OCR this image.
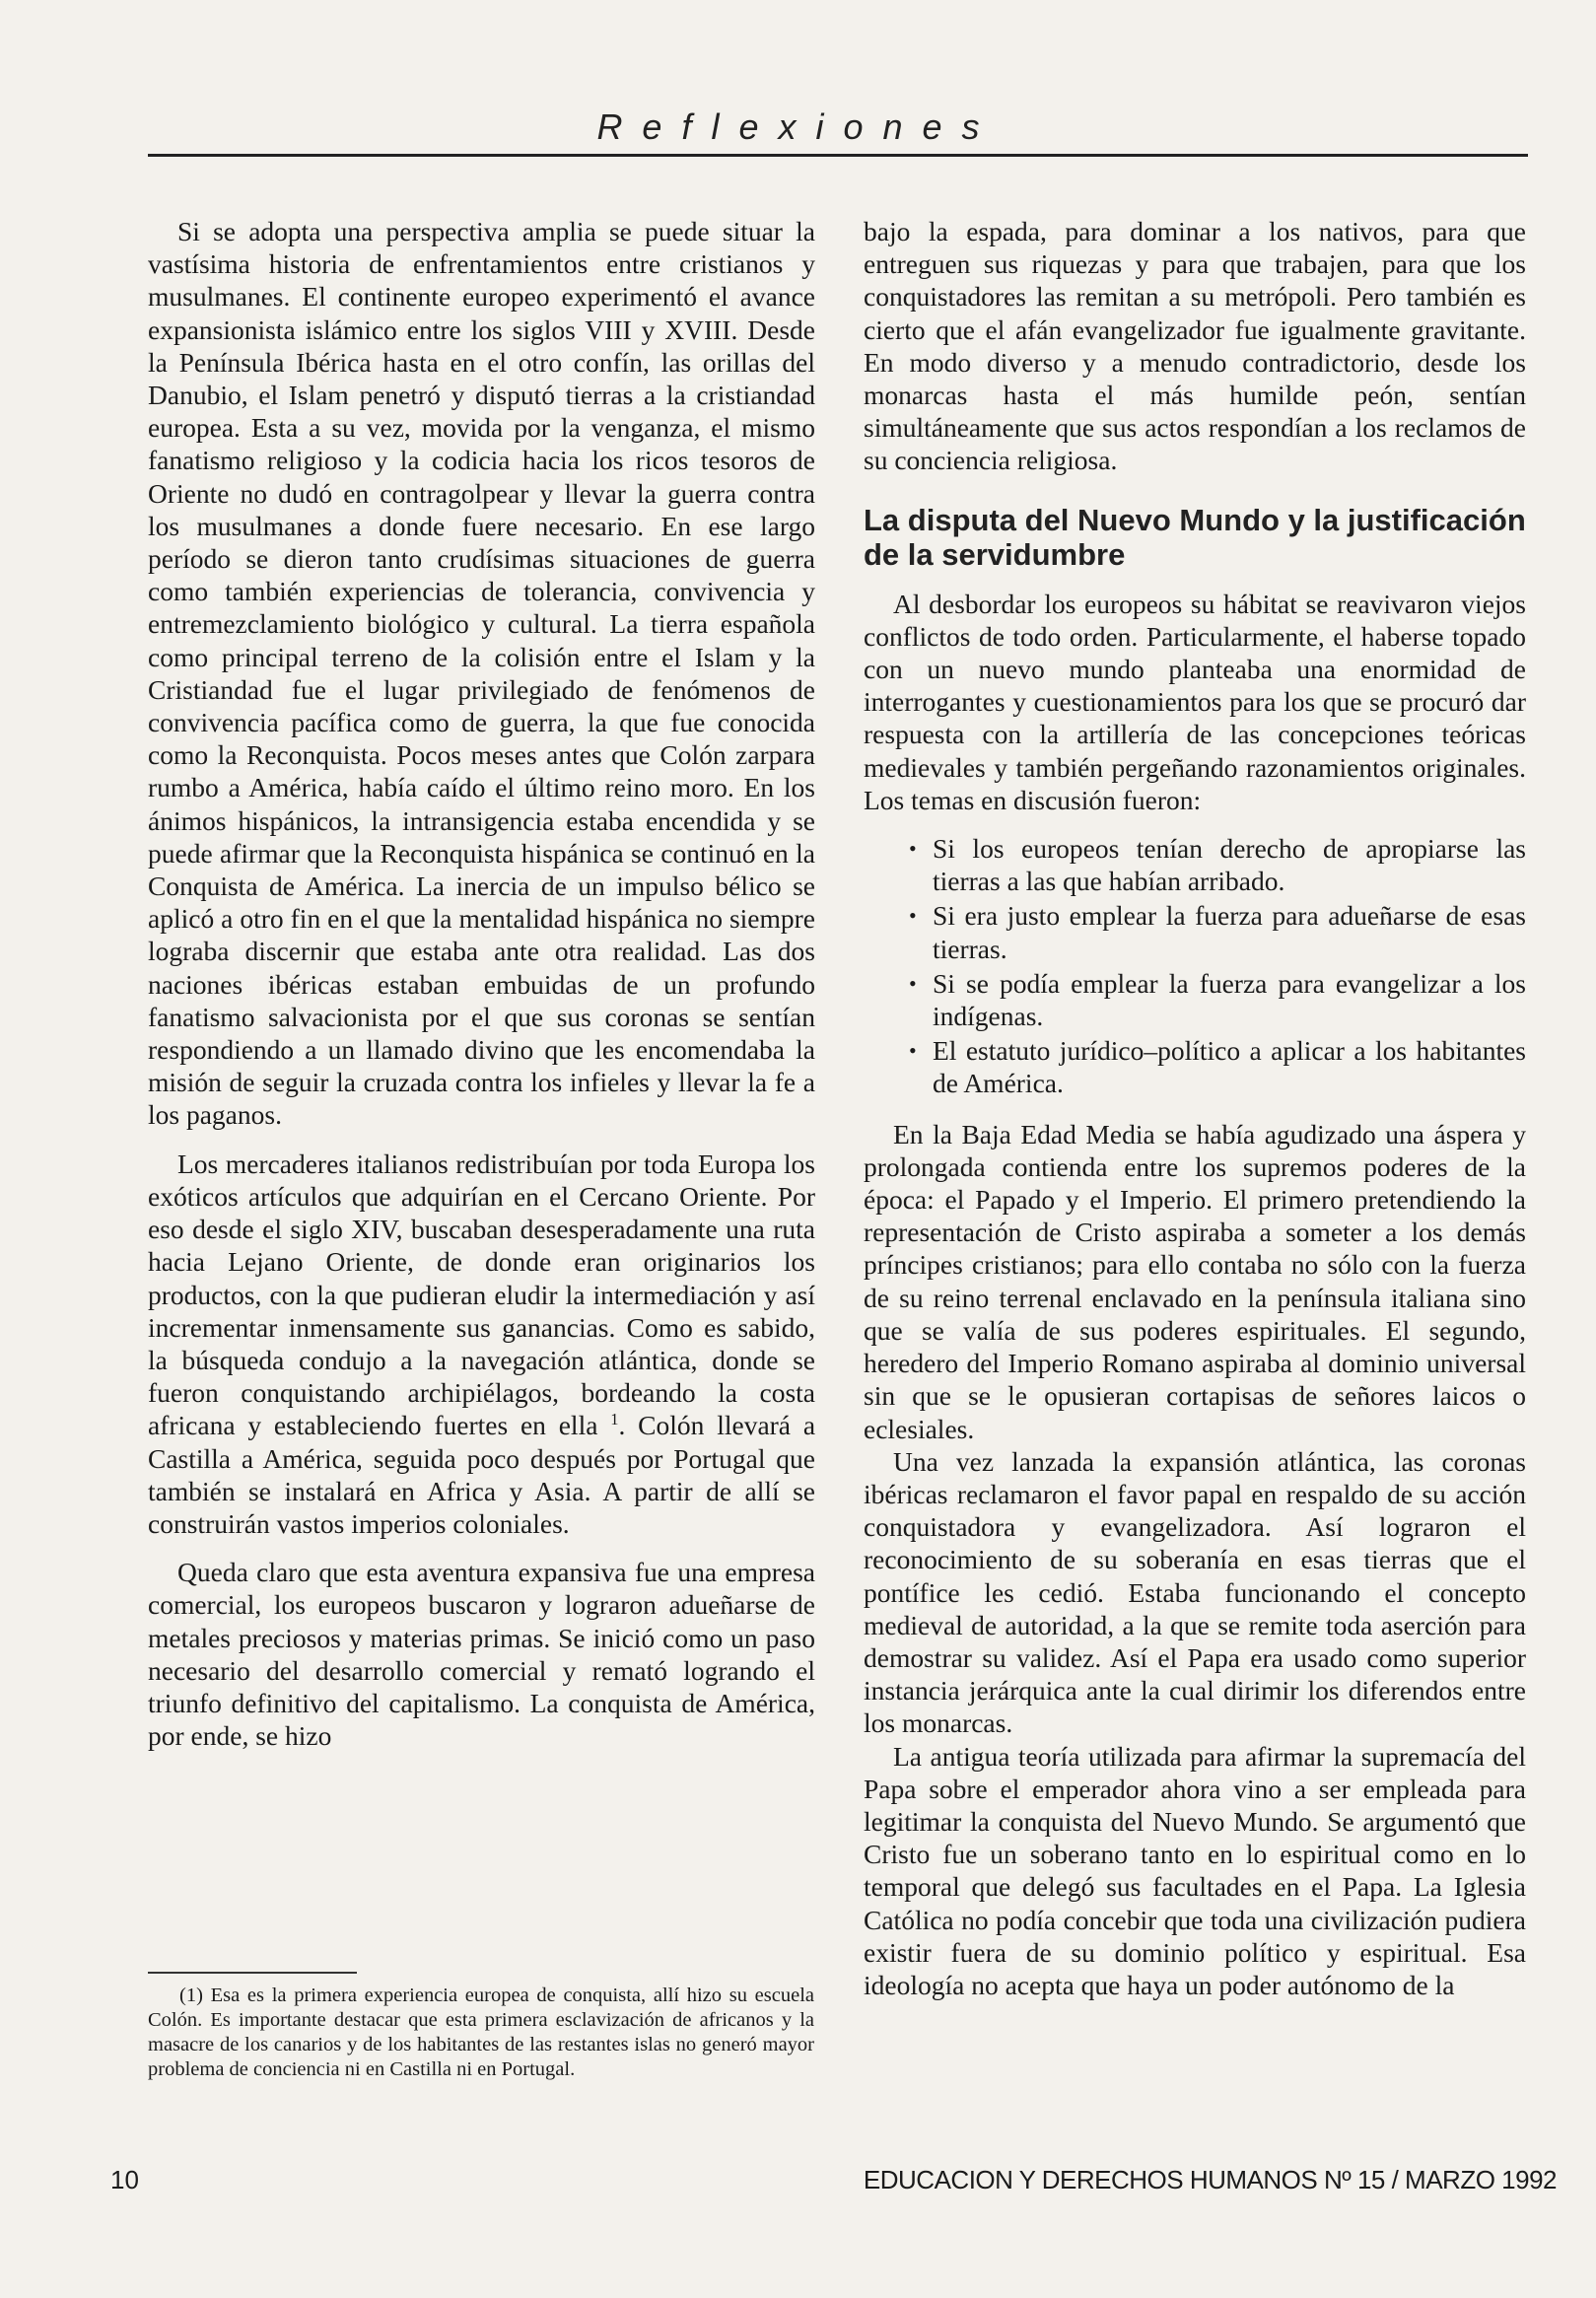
Reflexiones

Si se adopta una perspectiva amplia se puede situar la vastísima historia de enfrentamientos entre cristianos y musulmanes. El continente europeo experimentó el avance expansionista islámico entre los siglos VIII y XVIII. Desde la Península Ibérica hasta en el otro confín, las orillas del Danubio, el Islam penetró y disputó tierras a la cristiandad europea. Esta a su vez, movida por la venganza, el mismo fanatismo religioso y la codicia hacia los ricos tesoros de Oriente no dudó en contragolpear y llevar la guerra contra los musulmanes a donde fuere necesario. En ese largo período se dieron tanto crudísimas situaciones de guerra como también experiencias de tolerancia, convivencia y entremezclamiento biológico y cultural. La tierra española como principal terreno de la colisión entre el Islam y la Cristiandad fue el lugar privilegiado de fenómenos de convivencia pacífica como de guerra, la que fue conocida como la Reconquista. Pocos meses antes que Colón zarpara rumbo a América, había caído el último reino moro. En los ánimos hispánicos, la intransigencia estaba encendida y se puede afirmar que la Reconquista hispánica se continuó en la Conquista de América. La inercia de un impulso bélico se aplicó a otro fin en el que la mentalidad hispánica no siempre lograba discernir que estaba ante otra realidad. Las dos naciones ibéricas estaban embuidas de un profundo fanatismo salvacionista por el que sus coronas se sentían respondiendo a un llamado divino que les encomendaba la misión de seguir la cruzada contra los infieles y llevar la fe a los paganos.

Los mercaderes italianos redistribuían por toda Europa los exóticos artículos que adquirían en el Cercano Oriente. Por eso desde el siglo XIV, buscaban desesperadamente una ruta hacia Lejano Oriente, de donde eran originarios los productos, con la que pudieran eludir la intermediación y así incrementar inmensamente sus ganancias. Como es sabido, la búsqueda condujo a la navegación atlántica, donde se fueron conquistando archipiélagos, bordeando la costa africana y estableciendo fuertes en ella $^1$. Colón llevará a Castilla a América, seguida poco después por Portugal que también se instalará en Africa y Asia. A partir de allí se construirán vastos imperios coloniales.

Queda claro que esta aventura expansiva fue una empresa comercial, los europeos buscaron y lograron adueñarse de metales preciosos y materias primas. Se inició como un paso necesario del desarrollo comercial y remató logrando el triunfo definitivo del capitalismo. La conquista de América, por ende, se hizo

(1) Esa es la primera experiencia europea de conquista, allí hizo su escuela Colón. Es importante destacar que esta primera esclavización de africanos y la masacre de los canarios y de los habitantes de las restantes islas no generó mayor problema de conciencia ni en Castilla ni en Portugal.

bajo la espada, para dominar a los nativos, para que entreguen sus riquezas y para que trabajen, para que los conquistadores las remitan a su metrópoli. Pero también es cierto que el afán evangelizador fue igualmente gravitante. En modo diverso y a menudo contradictorio, desde los monarcas hasta el más humilde peón, sentían simultáneamente que sus actos respondían a los reclamos de su conciencia religiosa.

La disputa del Nuevo Mundo y la justificación de la servidumbre

Al desbordar los europeos su hábitat se reavivaron viejos conflictos de todo orden. Particularmente, el haberse topado con un nuevo mundo planteaba una enormidad de interrogantes y cuestionamientos para los que se procuró dar respuesta con la artillería de las concepciones teóricas medievales y también pergeñando razonamientos originales. Los temas en discusión fueron:

• Si los europeos tenían derecho de apropiarse las tierras a las que habían arribado.
• Si era justo emplear la fuerza para adueñarse de esas tierras.
• Si se podía emplear la fuerza para evangelizar a los indígenas.
• El estatuto jurídico–político a aplicar a los habitantes de América.

En la Baja Edad Media se había agudizado una áspera y prolongada contienda entre los supremos poderes de la época: el Papado y el Imperio. El primero pretendiendo la representación de Cristo aspiraba a someter a los demás príncipes cristianos; para ello contaba no sólo con la fuerza de su reino terrenal enclavado en la península italiana sino que se valía de sus poderes espirituales. El segundo, heredero del Imperio Romano aspiraba al dominio universal sin que se le opusieran cortapisas de señores laicos o eclesiales.

Una vez lanzada la expansión atlántica, las coronas ibéricas reclamaron el favor papal en respaldo de su acción conquistadora y evangelizadora. Así lograron el reconocimiento de su soberanía en esas tierras que el pontífice les cedió. Estaba funcionando el concepto medieval de autoridad, a la que se remite toda aserción para demostrar su validez. Así el Papa era usado como superior instancia jerárquica ante la cual dirimir los diferendos entre los monarcas.

La antigua teoría utilizada para afirmar la supremacía del Papa sobre el emperador ahora vino a ser empleada para legitimar la conquista del Nuevo Mundo. Se argumentó que Cristo fue un soberano tanto en lo espiritual como en lo temporal que delegó sus facultades en el Papa. La Iglesia Católica no podía concebir que toda una civilización pudiera existir fuera de su dominio político y espiritual. Esa ideología no acepta que haya un poder autónomo de la

10	EDUCACION Y DERECHOS HUMANOS Nº 15 / MARZO 1992
